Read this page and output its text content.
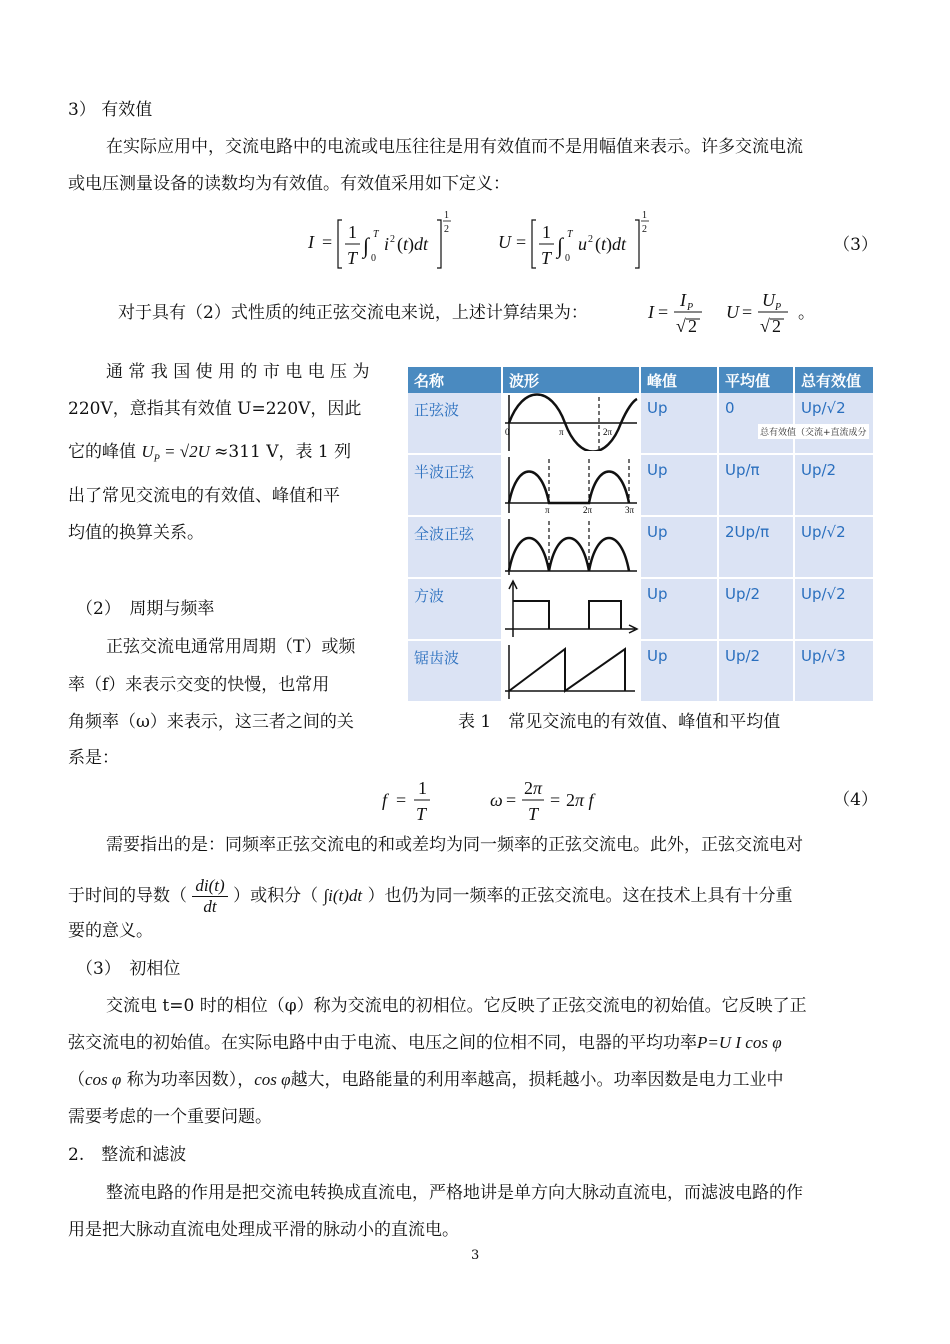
3） 有效值
在实际应用中，交流电路中的电流或电压往往是用有效值而不是用幅值来表示。许多交流电流
或电压测量设备的读数均为有效值。有效值采用如下定义：
I = 1
T ∫ T
0
i 2 (t)dt
1
2
U = 1
T ∫ T
0
u 2 (t)dt
1
2
（3）
对于具有（2）式性质的纯正弦交流电来说，上述计算结果为：	I =
I P
√ 2
U =
U P
√ 2
。
通 常 我 国 使 用 的 市 电 电 压 为
220V，意指其有效值 U=220V，因此
它的峰值 $U_P = √2U \approx 311$ V，表 1 列
出了常见交流电的有效值、峰值和平
均值的换算关系。
（2）　周期与频率
正弦交流电通常用周期（T）或频
率（f）来表示交变的快慢，也常用
角频率（ω）来表示，这三者之间的关
系是：
名称	波形	峰值	平均值	总有效值
正弦波	0 π 2π	Up	0	Up/√2
半波正弦	π 2π 3π	Up	Up/π	Up/2
全波正弦		Up	2Up/π	Up/√2
方波		Up	Up/2	Up/√2
锯齿波		Up	Up/2	Up/√3
总有效值（交流+直流成分
表 1　常见交流电的有效值、峰值和平均值
f =
1
T
ω =
2π
T
= 2π f	（4）
需要指出的是：同频率正弦交流电的和或差均为同一频率的正弦交流电。此外，正弦交流电对
于时间的导数（ $\frac{di(t)}{dt}$ ）或积分（ ∫i(t)dt ）也仍为同一频率的正弦交流电。这在技术上具有十分重
要的意义。
（3）　初相位
交流电 t=0 时的相位（φ）称为交流电的初相位。它反映了正弦交流电的初始值。它反映了正
弦交流电的初始值。在实际电路中由于电流、电压之间的位相不同，电器的平均功率P=U I cos φ
（cos φ 称为功率因数），cos φ越大，电路能量的利用率越高，损耗越小。功率因数是电力工业中
需要考虑的一个重要问题。
2.　整流和滤波
整流电路的作用是把交流电转换成直流电，严格地讲是单方向大脉动直流电，而滤波电路的作
用是把大脉动直流电处理成平滑的脉动小的直流电。
3
